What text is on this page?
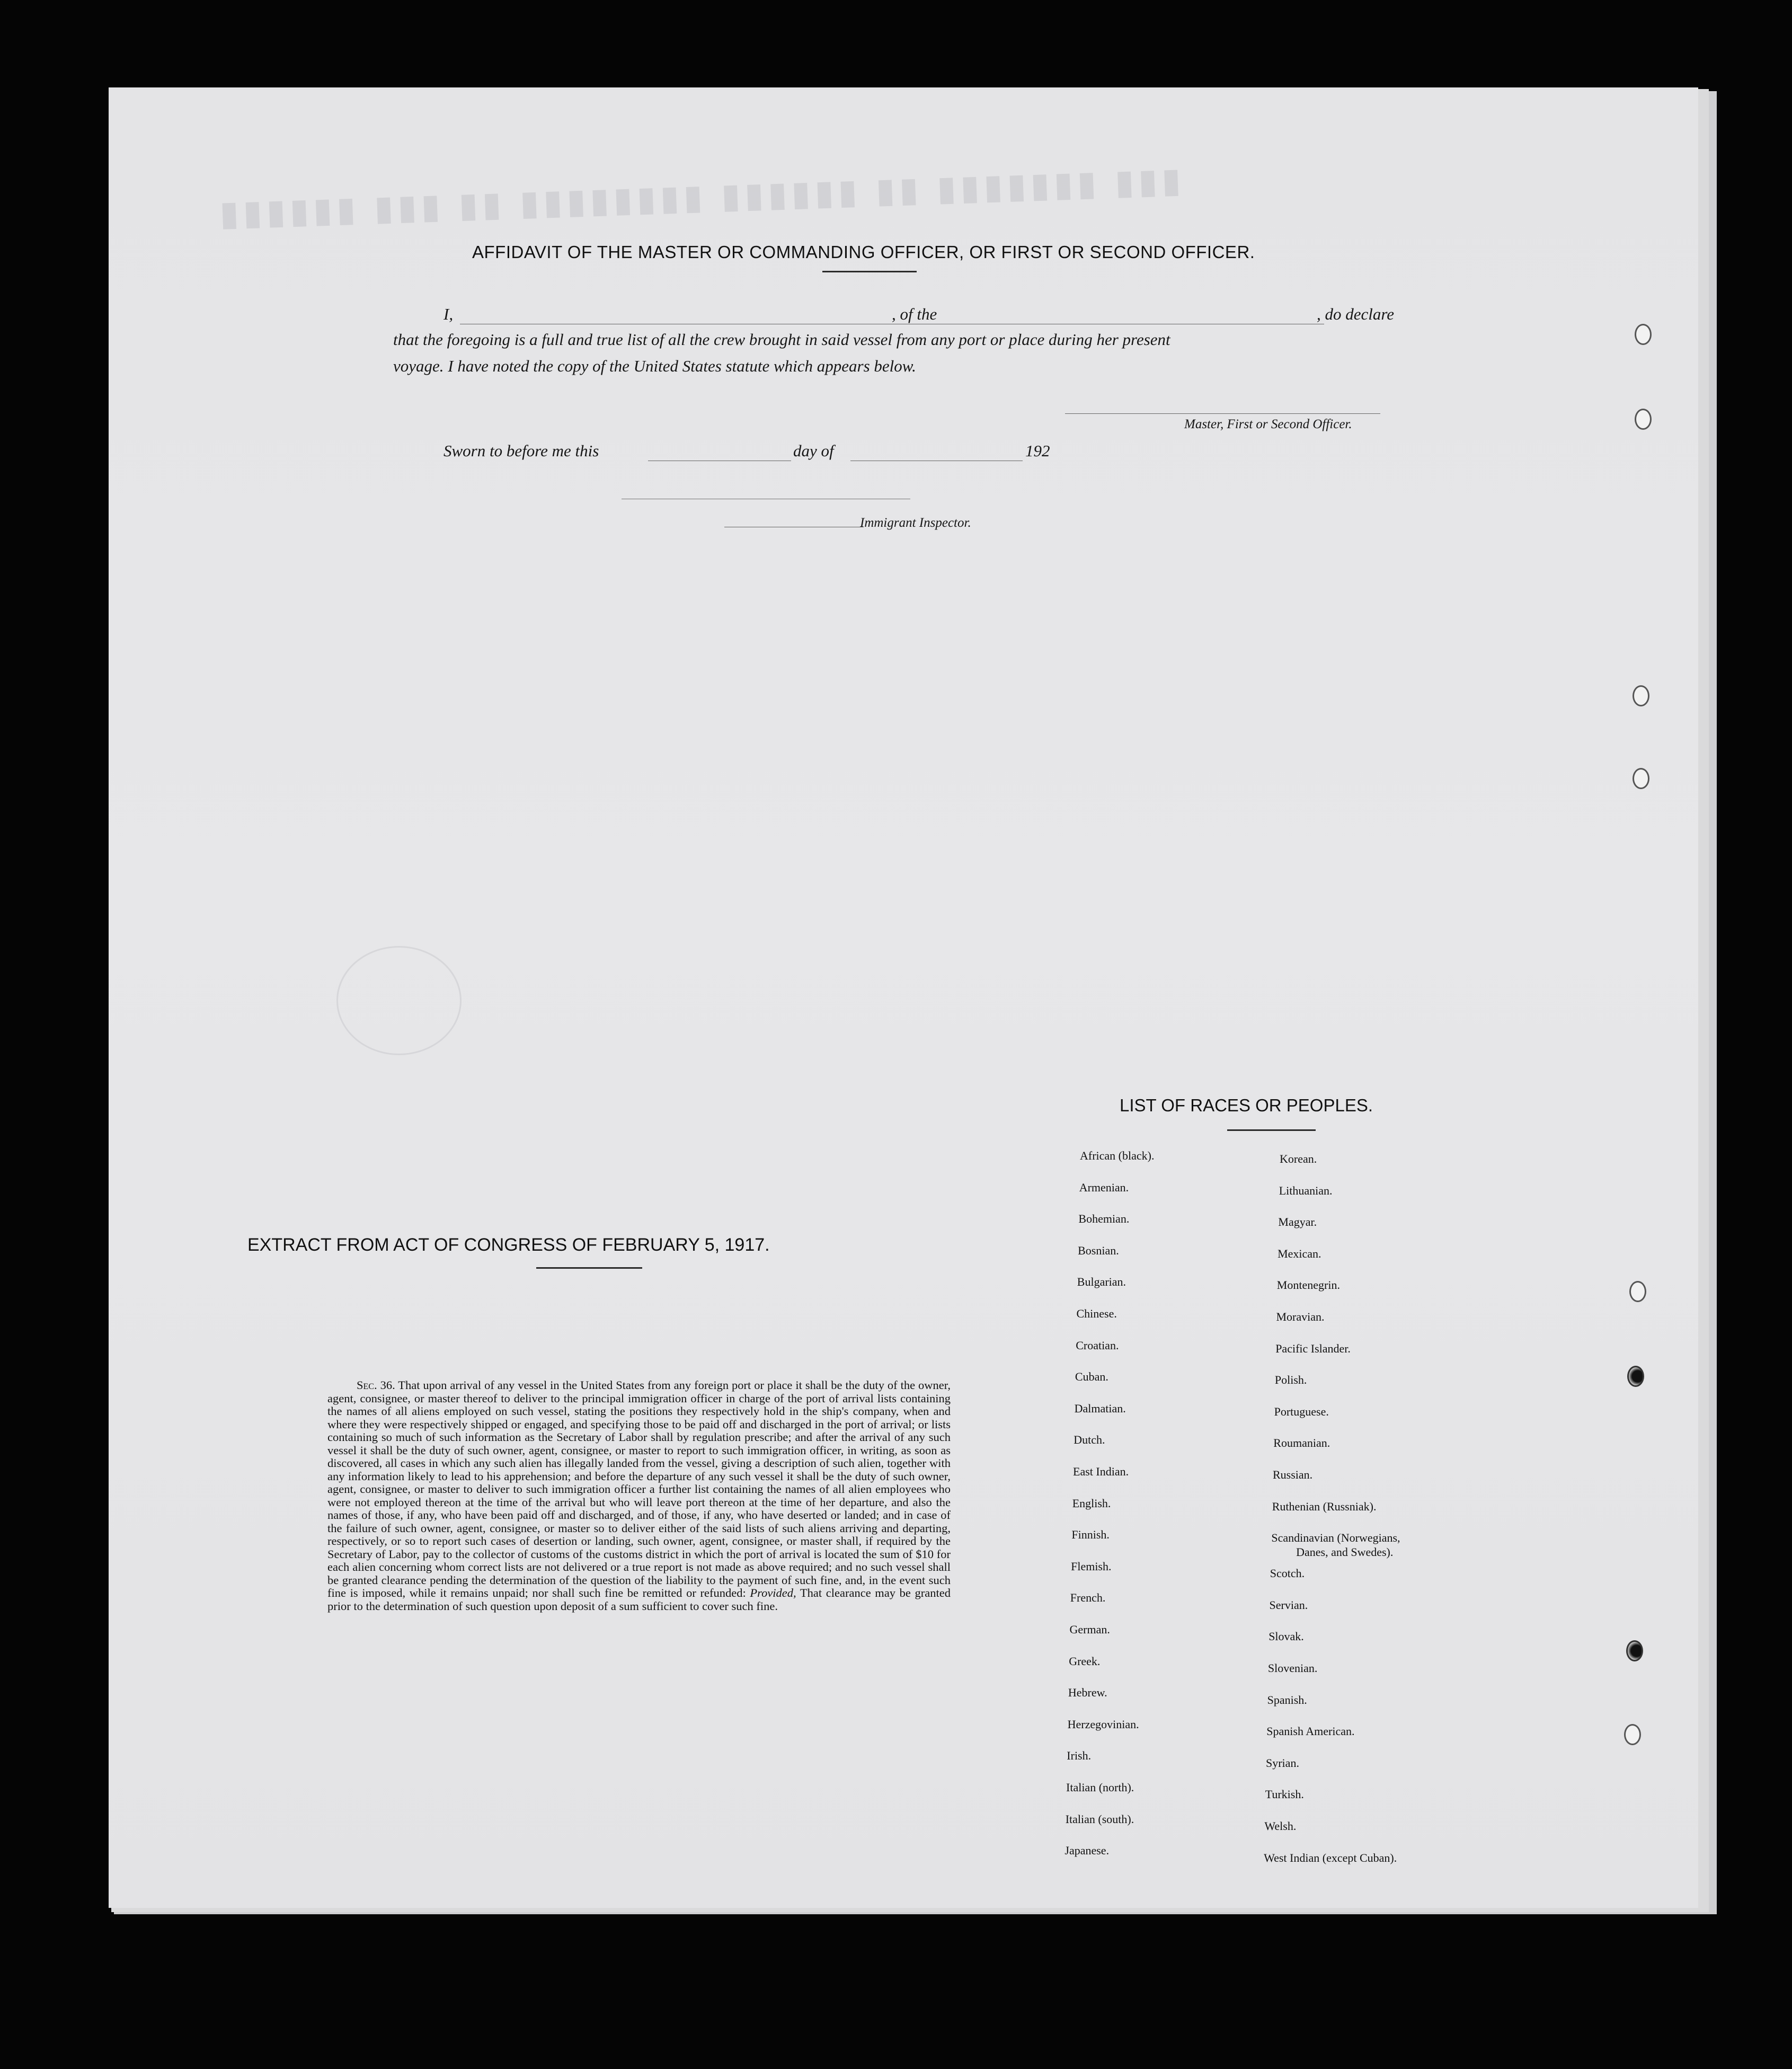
▮▮▮ ▮▮▮▮▮▮▮ ▮▮ ▮▮▮▮▮▮ ▮▮▮▮▮▮▮▮ ▮▮ ▮▮▮ ▮▮▮▮▮▮
AFFIDAVIT OF THE MASTER OR COMMANDING OFFICER, OR FIRST OR SECOND OFFICER.
I,	, of the	, do declare
that the foregoing is a full and true list of all the crew brought in said vessel from any port or place during her present
voyage. I have noted the copy of the United States statute which appears below.
Master, First or Second Officer.
Sworn to before me this	day of	192
Immigrant Inspector.
LIST OF RACES OR PEOPLES.
African (black).
Armenian.
Bohemian.
Bosnian.
Bulgarian.
Chinese.
Croatian.
Cuban.
Dalmatian.
Dutch.
East Indian.
English.
Finnish.
Flemish.
French.
German.
Greek.
Hebrew.
Herzegovinian.
Irish.
Italian (north).
Italian (south).
Japanese.
Korean.
Lithuanian.
Magyar.
Mexican.
Montenegrin.
Moravian.
Pacific Islander.
Polish.
Portuguese.
Roumanian.
Russian.
Ruthenian (Russniak).
Scandinavian (Norwegians,
Danes, and Swedes).
Scotch.
Servian.
Slovak.
Slovenian.
Spanish.
Spanish American.
Syrian.
Turkish.
Welsh.
West Indian (except Cuban).
EXTRACT FROM ACT OF CONGRESS OF FEBRUARY 5, 1917.
Sec. 36. That upon arrival of any vessel in the United States from any foreign port or place it shall be the duty of the owner, agent, consignee, or master thereof to deliver to the principal immigration officer in charge of the port of arrival lists containing the names of all aliens employed on such vessel, stating the positions they respectively hold in the ship's company, when and where they were respectively shipped or engaged, and specifying those to be paid off and discharged in the port of arrival; or lists containing so much of such information as the Secretary of Labor shall by regulation prescribe; and after the arrival of any such vessel it shall be the duty of such owner, agent, consignee, or master to report to such immigration officer, in writing, as soon as discovered, all cases in which any such alien has illegally landed from the vessel, giving a description of such alien, together with any information likely to lead to his apprehension; and before the departure of any such vessel it shall be the duty of such owner, agent, consignee, or master to deliver to such immigration officer a further list containing the names of all alien employees who were not employed thereon at the time of the arrival but who will leave port thereon at the time of her departure, and also the names of those, if any, who have been paid off and discharged, and of those, if any, who have deserted or landed; and in case of the failure of such owner, agent, consignee, or master so to deliver either of the said lists of such aliens arriving and departing, respectively, or so to report such cases of desertion or landing, such owner, agent, consignee, or master shall, if required by the Secretary of Labor, pay to the collector of customs of the customs district in which the port of arrival is located the sum of $10 for each alien concerning whom correct lists are not delivered or a true report is not made as above required; and no such vessel shall be granted clearance pending the determination of the question of the liability to the payment of such fine, and, in the event such fine is imposed, while it remains unpaid; nor shall such fine be remitted or refunded: Provided, That clearance may be granted prior to the determination of such question upon deposit of a sum sufficient to cover such fine.
